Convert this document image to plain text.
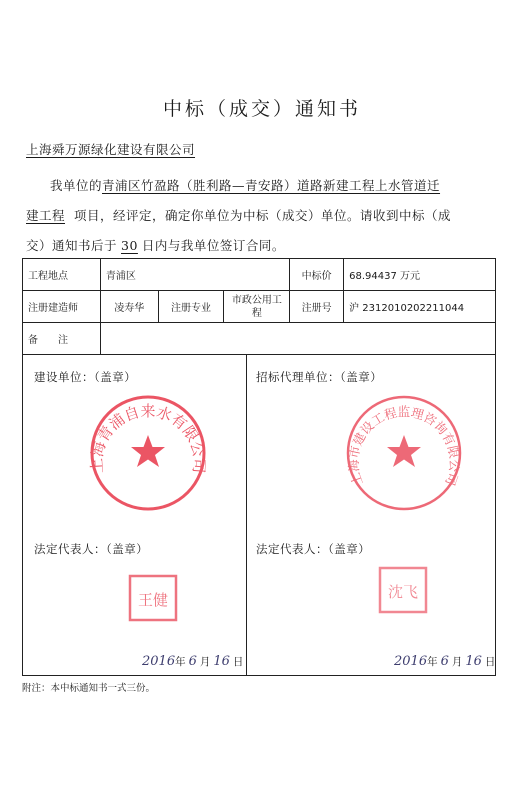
中标（成交）通知书
上海舜万源绿化建设有限公司
我单位的青浦区竹盈路（胜利路—青安路）道路新建工程上水管道迁
建工程 项目，经评定，确定你单位为中标（成交）单位。请收到中标（成
交）通知书后于 30 日内与我单位签订合同。
工程地点	青浦区			中标价	68.94437 万元
注册建造师	凌寿华	注册专业	市政公用工程	注册号	沪 2312010202211044
备　　注					
建设单位：（盖章）	招标代理单位：（盖章）
上海青浦自来水有限公司
上海市建设工程监理咨询有限公司
法定代表人：（盖章）	法定代表人：（盖章）
王健	沈飞
2016年 6 月 16 日	2016年 6 月 16 日
附注：本中标通知书一式三份。
